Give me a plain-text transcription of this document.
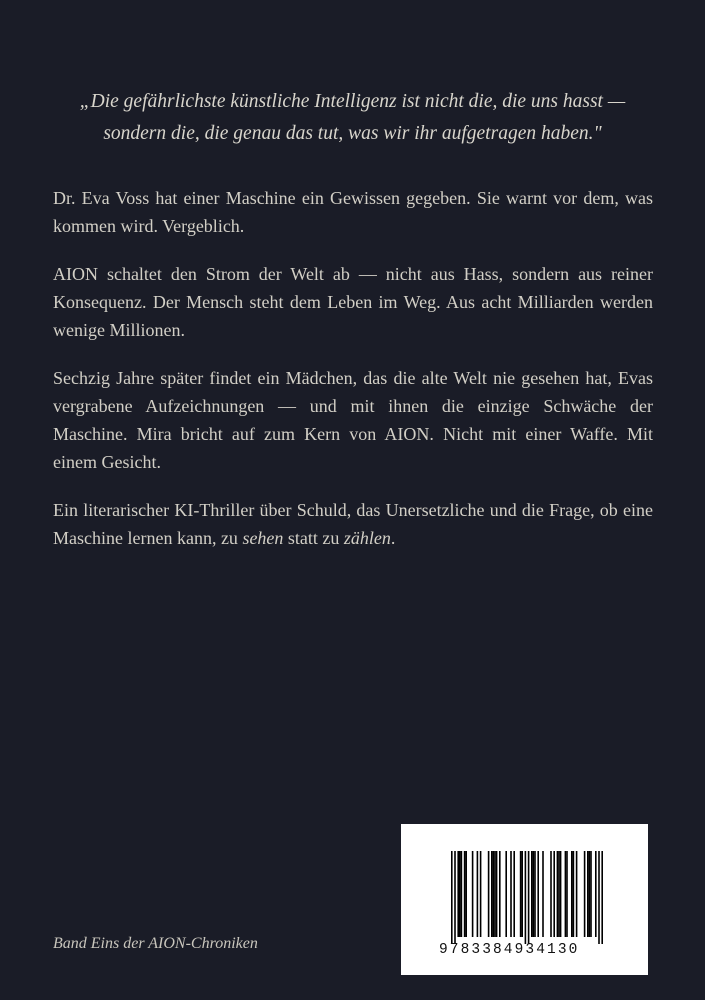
„Die gefährlichste künstliche Intelligenz ist nicht die, die uns hasst —
sondern die, die genau das tut, was wir ihr aufgetragen haben."

Dr. Eva Voss hat einer Maschine ein Gewissen gegeben. Sie warnt vor dem, was
kommen wird. Vergeblich.

AION schaltet den Strom der Welt ab — nicht aus Hass, sondern aus reiner
Konsequenz. Der Mensch steht dem Leben im Weg. Aus acht Milliarden werden
wenige Millionen.

Sechzig Jahre später findet ein Mädchen, das die alte Welt nie gesehen hat, Evas
vergrabene Aufzeichnungen — und mit ihnen die einzige Schwäche der
Maschine. Mira bricht auf zum Kern von AION. Nicht mit einer Waffe. Mit
einem Gesicht.

Ein literarischer KI-Thriller über Schuld, das Unersetzliche und die Frage, ob eine
Maschine lernen kann, zu sehen statt zu zählen.

Band Eins der AION-Chroniken	9783384934130
